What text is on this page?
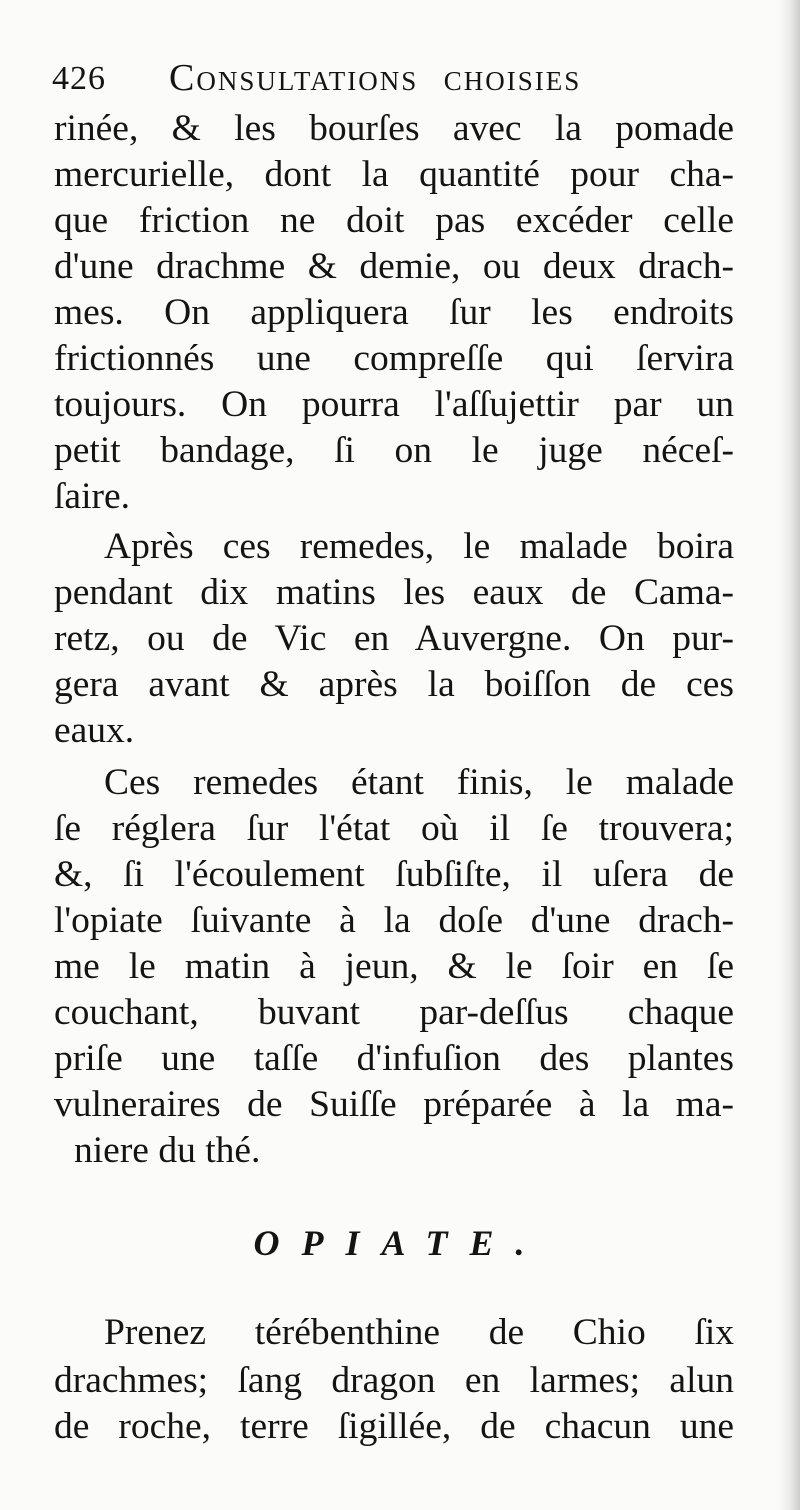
426 Consultations choisies
rinée, & les bourſes avec la pomade
mercurielle, dont la quantité pour cha-
que friction ne doit pas excéder celle
d'une drachme & demie, ou deux drach-
mes. On appliquera ſur les endroits
frictionnés une compreſſe qui ſervira
toujours. On pourra l'aſſujettir par un
petit bandage, ſi on le juge néceſ-
ſaire.
Après ces remedes, le malade boira
pendant dix matins les eaux de Cama-
retz, ou de Vic en Auvergne. On pur-
gera avant & après la boiſſon de ces
eaux.
Ces remedes étant finis, le malade
ſe réglera ſur l'état où il ſe trouvera;
&, ſi l'écoulement ſubſiſte, il uſera de
l'opiate ſuivante à la doſe d'une drach-
me le matin à jeun, & le ſoir en ſe
couchant, buvant par-deſſus chaque
priſe une taſſe d'infuſion des plantes
vulneraires de Suiſſe préparée à la ma-
niere du thé.
OPIATE.
Prenez térébenthine de Chio ſix
drachmes; ſang dragon en larmes; alun
de roche, terre ſigillée, de chacun une
